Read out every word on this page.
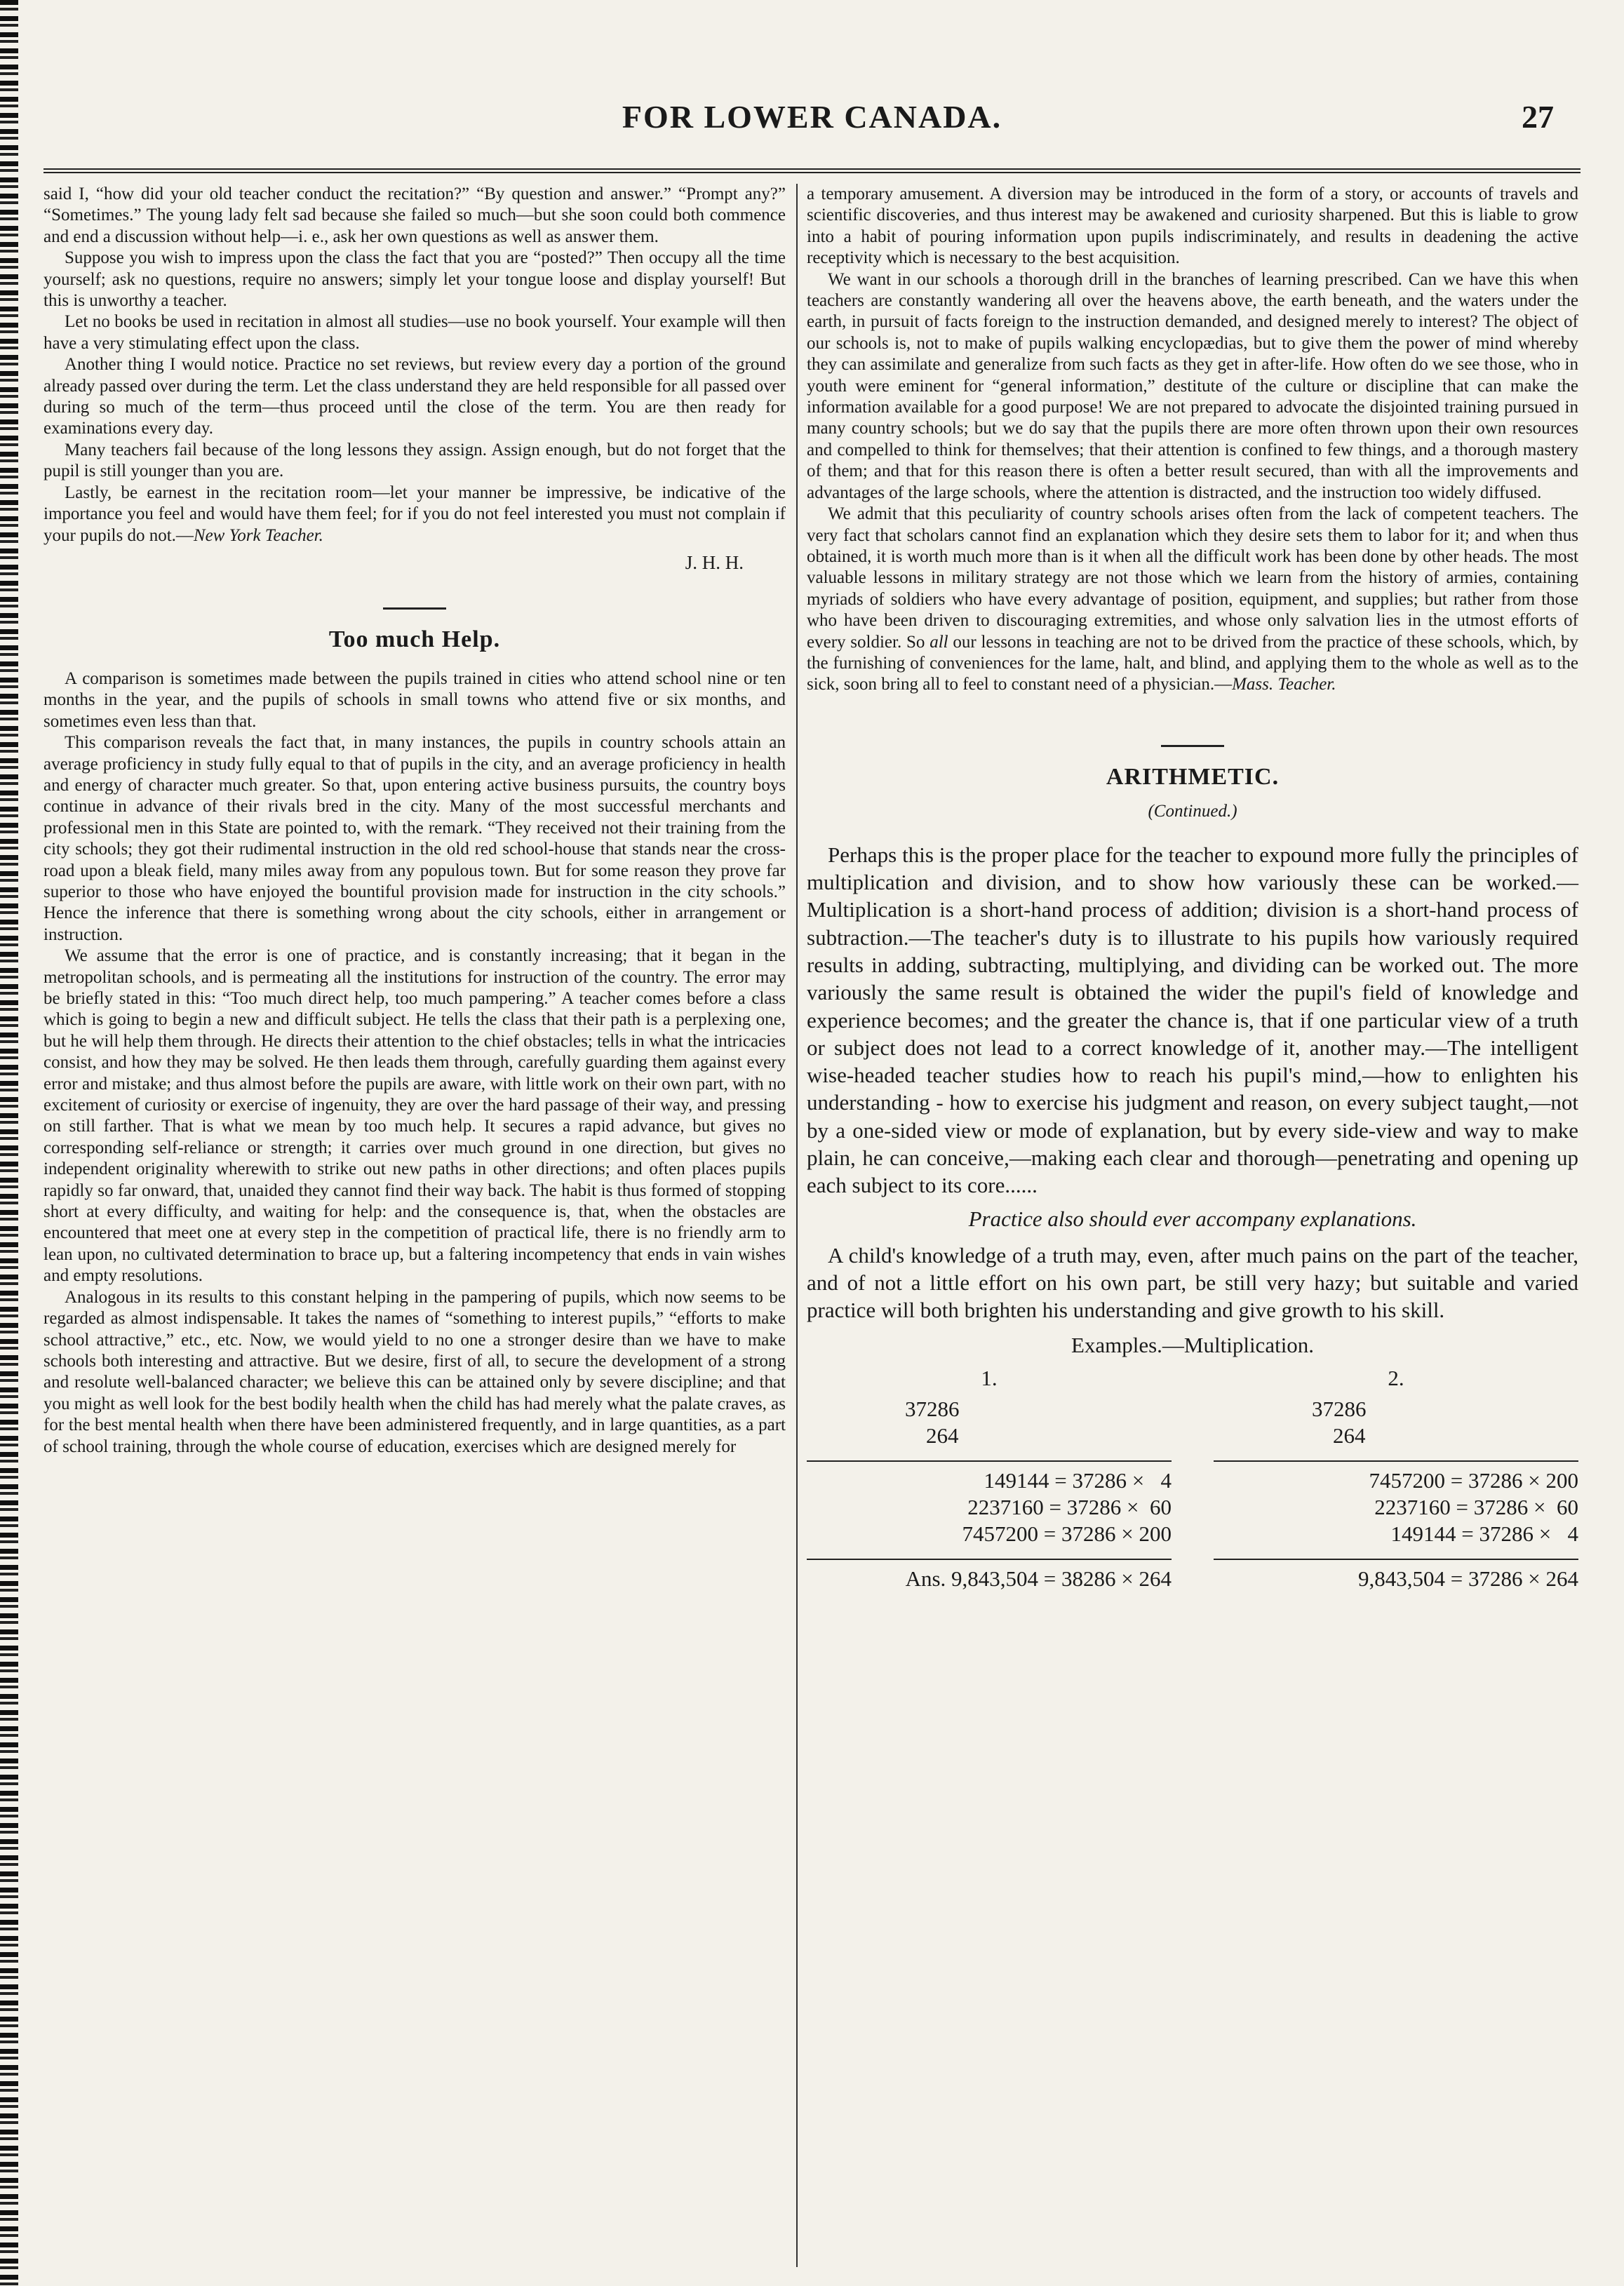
FOR LOWER CANADA.	27

said I, “how did your old teacher conduct the recitation?” “By question and answer.” “Prompt any?” “Sometimes.” The young lady felt sad because she failed so much—but she soon could both commence and end a discussion without help—i. e., ask her own questions as well as answer them.

Suppose you wish to impress upon the class the fact that you are “posted?” Then occupy all the time yourself; ask no questions, require no answers; simply let your tongue loose and display yourself! But this is unworthy a teacher.

Let no books be used in recitation in almost all studies—use no book yourself. Your example will then have a very stimulating effect upon the class.

Another thing I would notice. Practice no set reviews, but review every day a portion of the ground already passed over during the term. Let the class understand they are held responsible for all passed over during so much of the term—thus proceed until the close of the term. You are then ready for examinations every day.

Many teachers fail because of the long lessons they assign. Assign enough, but do not forget that the pupil is still younger than you are.

Lastly, be earnest in the recitation room—let your manner be impressive, be indicative of the importance you feel and would have them feel; for if you do not feel interested you must not complain if your pupils do not.—New York Teacher.

J. H. H.
Too much Help.

A comparison is sometimes made between the pupils trained in cities who attend school nine or ten months in the year, and the pupils of schools in small towns who attend five or six months, and sometimes even less than that.

This comparison reveals the fact that, in many instances, the pupils in country schools attain an average proficiency in study fully equal to that of pupils in the city, and an average proficiency in health and energy of character much greater. So that, upon entering active business pursuits, the country boys continue in advance of their rivals bred in the city. Many of the most successful merchants and professional men in this State are pointed to, with the remark. “They received not their training from the city schools; they got their rudimental instruction in the old red school-house that stands near the cross-road upon a bleak field, many miles away from any populous town. But for some reason they prove far superior to those who have enjoyed the bountiful provision made for instruction in the city schools.” Hence the inference that there is something wrong about the city schools, either in arrangement or instruction.

We assume that the error is one of practice, and is constantly increasing; that it began in the metropolitan schools, and is permeating all the institutions for instruction of the country. The error may be briefly stated in this: “Too much direct help, too much pampering.” A teacher comes before a class which is going to begin a new and difficult subject. He tells the class that their path is a perplexing one, but he will help them through. He directs their attention to the chief obstacles; tells in what the intricacies consist, and how they may be solved. He then leads them through, carefully guarding them against every error and mistake; and thus almost before the pupils are aware, with little work on their own part, with no excitement of curiosity or exercise of ingenuity, they are over the hard passage of their way, and pressing on still farther. That is what we mean by too much help. It secures a rapid advance, but gives no corresponding self-reliance or strength; it carries over much ground in one direction, but gives no independent originality wherewith to strike out new paths in other directions; and often places pupils rapidly so far onward, that, unaided they cannot find their way back. The habit is thus formed of stopping short at every difficulty, and waiting for help: and the consequence is, that, when the obstacles are encountered that meet one at every step in the competition of practical life, there is no friendly arm to lean upon, no cultivated determination to brace up, but a faltering incompetency that ends in vain wishes and empty resolutions.

Analogous in its results to this constant helping in the pampering of pupils, which now seems to be regarded as almost indispensable. It takes the names of “something to interest pupils,” “efforts to make school attractive,” etc., etc. Now, we would yield to no one a stronger desire than we have to make schools both interesting and attractive. But we desire, first of all, to secure the development of a strong and resolute well-balanced character; we believe this can be attained only by severe discipline; and that you might as well look for the best bodily health when the child has had merely what the palate craves, as for the best mental health when there have been administered frequently, and in large quantities, as a part of school training, through the whole course of education, exercises which are designed merely for

a temporary amusement. A diversion may be introduced in the form of a story, or accounts of travels and scientific discoveries, and thus interest may be awakened and curiosity sharpened. But this is liable to grow into a habit of pouring information upon pupils indiscriminately, and results in deadening the active receptivity which is necessary to the best acquisition.

We want in our schools a thorough drill in the branches of learning prescribed. Can we have this when teachers are constantly wandering all over the heavens above, the earth beneath, and the waters under the earth, in pursuit of facts foreign to the instruction demanded, and designed merely to interest? The object of our schools is, not to make of pupils walking encyclopædias, but to give them the power of mind whereby they can assimilate and generalize from such facts as they get in after-life. How often do we see those, who in youth were eminent for “general information,” destitute of the culture or discipline that can make the information available for a good purpose! We are not prepared to advocate the disjointed training pursued in many country schools; but we do say that the pupils there are more often thrown upon their own resources and compelled to think for themselves; that their attention is confined to few things, and a thorough mastery of them; and that for this reason there is often a better result secured, than with all the improvements and advantages of the large schools, where the attention is distracted, and the instruction too widely diffused.

We admit that this peculiarity of country schools arises often from the lack of competent teachers. The very fact that scholars cannot find an explanation which they desire sets them to labor for it; and when thus obtained, it is worth much more than is it when all the difficult work has been done by other heads. The most valuable lessons in military strategy are not those which we learn from the history of armies, containing myriads of soldiers who have every advantage of position, equipment, and supplies; but rather from those who have been driven to discouraging extremities, and whose only salvation lies in the utmost efforts of every soldier. So all our lessons in teaching are not to be drived from the practice of these schools, which, by the furnishing of conveniences for the lame, halt, and blind, and applying them to the whole as well as to the sick, soon bring all to feel to constant need of a physician.—Mass. Teacher.

ARITHMETIC.
(Continued.)

Perhaps this is the proper place for the teacher to expound more fully the principles of multiplication and division, and to show how variously these can be worked.—Multiplication is a short-hand process of addition; division is a short-hand process of subtraction.—The teacher's duty is to illustrate to his pupils how variously required results in adding, subtracting, multiplying, and dividing can be worked out. The more variously the same result is obtained the wider the pupil's field of knowledge and experience becomes; and the greater the chance is, that if one particular view of a truth or subject does not lead to a correct knowledge of it, another may.—The intelligent wise-headed teacher studies how to reach his pupil's mind,—how to enlighten his understanding - how to exercise his judgment and reason, on every subject taught,—not by a one-sided view or mode of explanation, but by every side-view and way to make plain, he can conceive,—making each clear and thorough—penetrating and opening up each subject to its core......

Practice also should ever accompany explanations.

A child's knowledge of a truth may, even, after much pains on the part of the teacher, and of not a little effort on his own part, be still very hazy; but suitable and varied practice will both brighten his understanding and give growth to his skill.

Examples.—Multiplication.
1.
37286
264
149144 = 37286 ×   4
2237160 = 37286 ×  60
7457200 = 37286 × 200
Ans. 9,843,504 = 38286 × 264
2.
37286
264
7457200 = 37286 × 200
2237160 = 37286 ×  60
149144 = 37286 ×   4
9,843,504 = 37286 × 264
